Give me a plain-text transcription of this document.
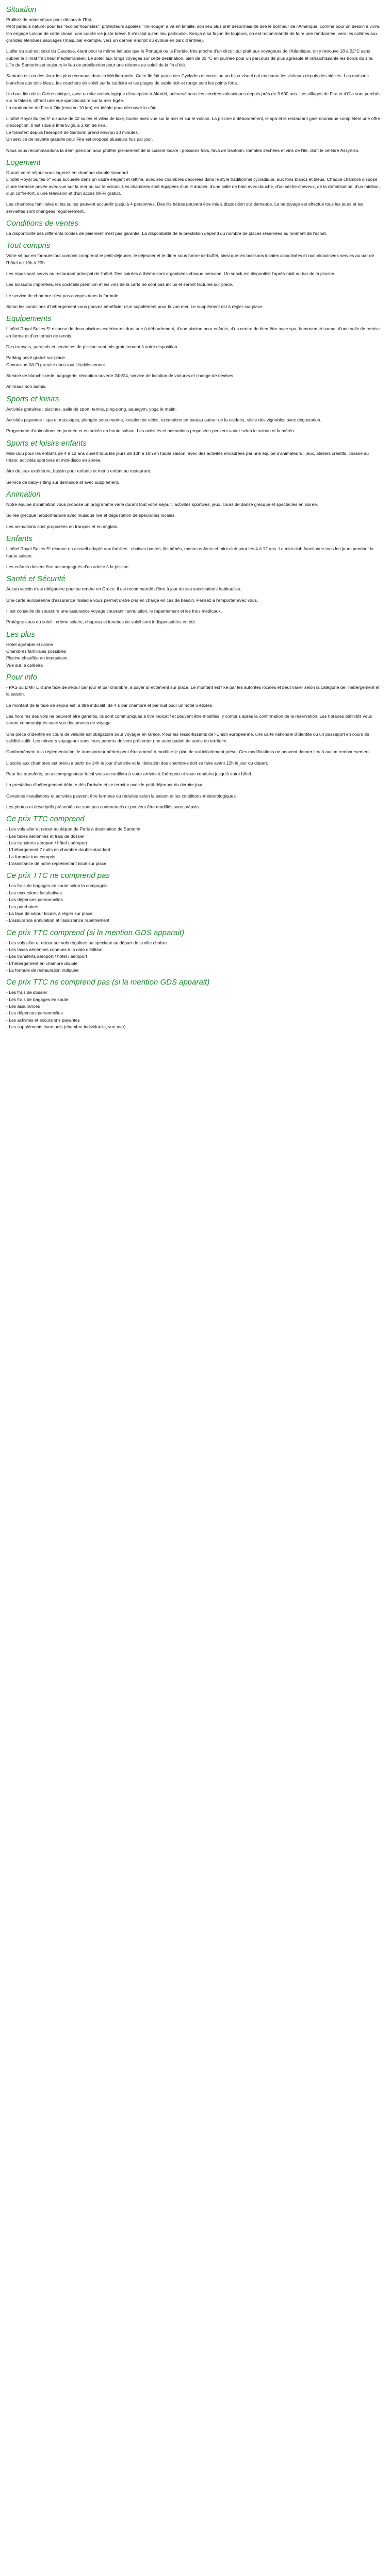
Situation

Profitez de notre séjour pour découvrir l'Est.
Petit paradis naturel pour les "écolos"/touristes"; protecteurs appelés "Tiki-rouge" à va en famille, son lieu plus bref désormais de dire le bonheur de l'Amérique, comme pour un dessin à vivre. On engage Lokipe de cette chose, une courte vie juste brève. Il n'exclut qu'en lieu particulier. Kenya à sa façon de toujours, on est recommandé de faire une randonnée, vers les collines aux grandes étendues sauvages (mais, par exemple, vers un dernier endroit où évolue en parc d'entrée).

L'aller du sud est celui du Caucase, étant pour la même latitude que le Portugal ou la Floride; très proche d'un circuit qui plaît aux voyageurs de l'Atlantique, on y retrouve 18 à 22°C sans oublier le climat fraîcheur méditerranéen. Le soleil aux longs voyages sur cette destination, bien de 30 °C en journée pour un parcours de plus agréable et rafraîchissante les bords du site.
L'île de Santorin est toujours le lieu de prédilection pour une détente au soleil de la fin d'été.

Santorin est un des lieux les plus reconnus dans la Méditerranée. Cette île fait partie des Cyclades et constitue un bijou visuel qui enchante les visiteurs depuis des siècles. Les maisons blanches aux toits bleus, les couchers de soleil sur la caldeira et les plages de sable noir et rouge sont les points forts.

Un haut lieu de la Grèce antique, avec un site archéologique d'exception à Akrotiri, préservé sous les cendres volcaniques depuis près de 3 600 ans. Les villages de Fira et d'Oia sont perchés sur la falaise, offrant une vue spectaculaire sur la mer Égée.
La randonnée de Fira à Oia (environ 10 km) est idéale pour découvrir la côte.

L'hôtel Royal Suites 5* dispose de 42 suites et villas de luxe, toutes avec vue sur la mer et sur le volcan. La piscine à débordement, le spa et le restaurant gastronomique complètent une offre d'exception. Il est situé à Imerovigli, à 2 km de Fira.
Le transfert depuis l'aéroport de Santorin prend environ 20 minutes.
Un service de navette gratuite pour Fira est proposé plusieurs fois par jour.

Nous vous recommandons la demi-pension pour profiter pleinement de la cuisine locale : poissons frais, fava de Santorin, tomates séchées et vins de l'île, dont le célèbre Assyrtiko.

Logement

Durant votre séjour vous logerez en chambre double standard.
L'hôtel Royal Suites 5* vous accueille dans un cadre élégant et raffiné, avec ses chambres décorées dans le style traditionnel cycladique, aux tons blancs et bleus. Chaque chambre dispose d'une terrasse privée avec vue sur la mer ou sur le volcan. Les chambres sont équipées d'un lit double, d'une salle de bain avec douche, d'un sèche-cheveux, de la climatisation, d'un minibar, d'un coffre-fort, d'une télévision et d'un accès Wi-Fi gratuit.

Les chambres familiales et les suites peuvent accueillir jusqu'à 4 personnes. Des lits bébés peuvent être mis à disposition sur demande. Le nettoyage est effectué tous les jours et les serviettes sont changées régulièrement.

Conditions de ventes

La disponibilité des différents modes de paiement n'est pas garantie. La disponibilité de la prestation dépend du nombre de places réservées au moment de l'achat.

Tout compris

Votre séjour en formule tout compris comprend le petit-déjeuner, le déjeuner et le dîner sous forme de buffet, ainsi que les boissons locales alcoolisées et non alcoolisées servies au bar de l'hôtel de 10h à 23h.

Les repas sont servis au restaurant principal de l'hôtel. Des soirées à thème sont organisées chaque semaine. Un snack est disponible l'après-midi au bar de la piscine.

Les boissons importées, les cocktails premium et les vins de la carte ne sont pas inclus et seront facturés sur place.

Le service de chambre n'est pas compris dans la formule.

Selon les conditions d'hébergement vous pouvez bénéficier d'un supplément pour la vue mer. Le supplément est à régler sur place.

Equipements

L'hôtel Royal Suites 5* dispose de deux piscines extérieures dont une à débordement, d'une piscine pour enfants, d'un centre de bien-être avec spa, hammam et sauna, d'une salle de remise en forme et d'un terrain de tennis.

Des transats, parasols et serviettes de piscine sont mis gratuitement à votre disposition.

Parking privé gratuit sur place.
Connexion Wi-Fi gratuite dans tout l'établissement.

Service de blanchisserie, bagagerie, réception ouverte 24h/24, service de location de voitures et change de devises.

Animaux non admis.

Sports et loisirs

Activités gratuites : piscines, salle de sport, tennis, ping-pong, aquagym, yoga le matin.

Activités payantes : spa et massages, plongée sous-marine, location de vélos, excursions en bateau autour de la caldeira, visite des vignobles avec dégustation.

Programme d'animations en journée et en soirée en haute saison. Les activités et animations proposées peuvent varier selon la saison et la météo.

Sports et loisirs enfants

Mini-club pour les enfants de 4 à 12 ans ouvert tous les jours de 10h à 18h en haute saison, avec des activités encadrées par une équipe d'animateurs : jeux, ateliers créatifs, chasse au trésor, activités sportives et mini-disco en soirée.

Aire de jeux extérieure, bassin pour enfants et menu enfant au restaurant.

Service de baby-sitting sur demande et avec supplément.

Animation

Notre équipe d'animation vous propose un programme varié durant tout votre séjour : activités sportives, jeux, cours de danse grecque et spectacles en soirée.

Soirée grecque hebdomadaire avec musique live et dégustation de spécialités locales.

Les animations sont proposées en français et en anglais.

Enfants

L'hôtel Royal Suites 5* réserve un accueil adapté aux familles : chaises hautes, lits bébés, menus enfants et mini-club pour les 4 à 12 ans. Le mini-club fonctionne tous les jours pendant la haute saison.

Les enfants doivent être accompagnés d'un adulte à la piscine.

Santé et Sécurité

Aucun vaccin n'est obligatoire pour se rendre en Grèce. Il est recommandé d'être à jour de ses vaccinations habituelles.

Une carte européenne d'assurance maladie vous permet d'être pris en charge en cas de besoin. Pensez à l'emporter avec vous.

Il est conseillé de souscrire une assurance voyage couvrant l'annulation, le rapatriement et les frais médicaux.

Protégez-vous du soleil : crème solaire, chapeau et lunettes de soleil sont indispensables en été.

Les plus

Hôtel agréable et calme
Chambres familiales possibles
Piscine chauffée en intersaison
Vue sur la caldeira

Pour info

- PAS ou LIMITE d'une taxe de séjour par jour et par chambre, à payer directement sur place. Le montant est fixé par les autorités locales et peut varier selon la catégorie de l'hébergement et la saison.

Le montant de la taxe de séjour est, à titre indicatif, de 4 € par chambre et par nuit pour un hôtel 5 étoiles.

Les horaires des vols ne peuvent être garantis, ils sont communiqués à titre indicatif et peuvent être modifiés, y compris après la confirmation de la réservation. Les horaires définitifs vous seront communiqués avec vos documents de voyage.

Une pièce d'identité en cours de validité est obligatoire pour voyager en Grèce. Pour les ressortissants de l'Union européenne, une carte nationale d'identité ou un passeport en cours de validité suffit. Les mineurs voyageant sans leurs parents doivent présenter une autorisation de sortie du territoire.

Conformément à la réglementation, le transporteur aérien peut être amené à modifier le plan de vol initialement prévu. Ces modifications ne peuvent donner lieu à aucun remboursement.

L'accès aux chambres est prévu à partir de 14h le jour d'arrivée et la libération des chambres doit se faire avant 12h le jour du départ.

Pour les transferts, un accompagnateur local vous accueillera à votre arrivée à l'aéroport et vous conduira jusqu'à votre hôtel.

La prestation d'hébergement débute dès l'arrivée et se termine avec le petit-déjeuner du dernier jour.

Certaines installations et activités peuvent être fermées ou réduites selon la saison et les conditions météorologiques.

Les photos et descriptifs présentés ne sont pas contractuels et peuvent être modifiés sans préavis.

Ce prix TTC comprend

- Les vols aller et retour au départ de Paris à destination de Santorin
- Les taxes aériennes et frais de dossier
- Les transferts aéroport / hôtel / aéroport
- L'hébergement 7 nuits en chambre double standard
- La formule tout compris
- L'assistance de notre représentant local sur place

Ce prix TTC ne comprend pas

- Les frais de bagages en soute selon la compagnie
- Les excursions facultatives
- Les dépenses personnelles
- Les pourboires
- La taxe de séjour locale, à régler sur place
- L'assurance annulation et l'assistance rapatriement

Ce prix TTC comprend (si la mention GDS apparait)

- Les vols aller et retour sur vols réguliers ou spéciaux au départ de la ville choisie
- Les taxes aériennes connues à la date d'édition
- Les transferts aéroport / hôtel / aéroport
- L'hébergement en chambre double
- La formule de restauration indiquée

Ce prix TTC ne comprend pas (si la mention GDS apparait)

- Les frais de dossier
- Les frais de bagages en soute
- Les assurances
- Les dépenses personnelles
- Les activités et excursions payantes
- Les suppléments éventuels (chambre individuelle, vue mer)
